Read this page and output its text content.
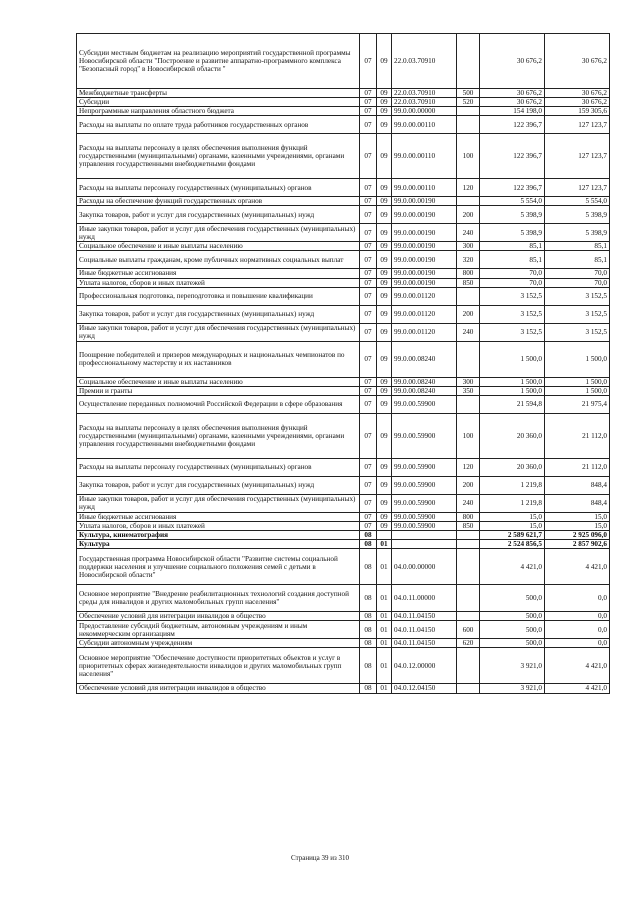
Субсидии местным бюджетам на реализацию мероприятий государственной программы Новосибирской области "Построение и развитие аппаратно-программного комплекса "Безопасный город" в Новосибирской области "	07	09	22.0.03.70910		30 676,2	30 676,2
Межбюджетные трансферты	07	09	22.0.03.70910	500	30 676,2	30 676,2
Субсидии	07	09	22.0.03.70910	520	30 676,2	30 676,2
Непрограммные направления областного бюджета	07	09	99.0.00.00000		154 198,0	159 305,6
Расходы на выплаты по оплате труда работников государственных органов	07	09	99.0.00.00110		122 396,7	127 123,7
Расходы на выплаты персоналу в целях обеспечения выполнения функций государственными (муниципальными) органами, казенными учреждениями, органами управления государственными внебюджетными фондами	07	09	99.0.00.00110	100	122 396,7	127 123,7
Расходы на выплаты персоналу государственных (муниципальных) органов	07	09	99.0.00.00110	120	122 396,7	127 123,7
Расходы на обеспечение функций государственных органов	07	09	99.0.00.00190		5 554,0	5 554,0
Закупка товаров, работ и услуг для государственных (муниципальных) нужд	07	09	99.0.00.00190	200	5 398,9	5 398,9
Иные закупки товаров, работ и услуг для обеспечения государственных (муниципальных) нужд	07	09	99.0.00.00190	240	5 398,9	5 398,9
Социальное обеспечение и иные выплаты населению	07	09	99.0.00.00190	300	85,1	85,1
Социальные выплаты гражданам, кроме публичных нормативных социальных выплат	07	09	99.0.00.00190	320	85,1	85,1
Иные бюджетные ассигнования	07	09	99.0.00.00190	800	70,0	70,0
Уплата налогов, сборов и иных платежей	07	09	99.0.00.00190	850	70,0	70,0
Профессиональная подготовка, переподготовка и повышение квалификации	07	09	99.0.00.01120		3 152,5	3 152,5
Закупка товаров, работ и услуг для государственных (муниципальных) нужд	07	09	99.0.00.01120	200	3 152,5	3 152,5
Иные закупки товаров, работ и услуг для обеспечения государственных (муниципальных) нужд	07	09	99.0.00.01120	240	3 152,5	3 152,5
Поощрение победителей и призеров международных и национальных чемпионатов по профессиональному мастерству и их наставников	07	09	99.0.00.08240		1 500,0	1 500,0
Социальное обеспечение и иные выплаты населению	07	09	99.0.00.08240	300	1 500,0	1 500,0
Премии и гранты	07	09	99.0.00.08240	350	1 500,0	1 500,0
Осуществление переданных полномочий Российской Федерации в сфере образования	07	09	99.0.00.59900		21 594,8	21 975,4
Расходы на выплаты персоналу в целях обеспечения выполнения функций государственными (муниципальными) органами, казенными учреждениями, органами управления государственными внебюджетными фондами	07	09	99.0.00.59900	100	20 360,0	21 112,0
Расходы на выплаты персоналу государственных (муниципальных) органов	07	09	99.0.00.59900	120	20 360,0	21 112,0
Закупка товаров, работ и услуг для государственных (муниципальных) нужд	07	09	99.0.00.59900	200	1 219,8	848,4
Иные закупки товаров, работ и услуг для обеспечения государственных (муниципальных) нужд	07	09	99.0.00.59900	240	1 219,8	848,4
Иные бюджетные ассигнования	07	09	99.0.00.59900	800	15,0	15,0
Уплата налогов, сборов и иных платежей	07	09	99.0.00.59900	850	15,0	15,0
Культура, кинематография	08				2 589 621,7	2 925 096,0
Культура	08	01			2 524 856,5	2 857 902,6
Государственная программа Новосибирской области "Развитие системы социальной поддержки населения и улучшение социального положения семей с детьми в Новосибирской области"	08	01	04.0.00.00000		4 421,0	4 421,0
Основное мероприятие "Внедрение реабилитационных технологий создания доступной среды для инвалидов и других маломобильных групп населения"	08	01	04.0.11.00000		500,0	0,0
Обеспечение условий для интеграции инвалидов в общество	08	01	04.0.11.04150		500,0	0,0
Предоставление субсидий бюджетным, автономным учреждениям и иным некоммерческим организациям	08	01	04.0.11.04150	600	500,0	0,0
Субсидии автономным учреждениям	08	01	04.0.11.04150	620	500,0	0,0
Основное мероприятие "Обеспечение доступности приоритетных объектов и услуг в приоритетных сферах жизнедеятельности инвалидов и других маломобильных групп населения"	08	01	04.0.12.00000		3 921,0	4 421,0
Обеспечение условий для интеграции инвалидов в общество	08	01	04.0.12.04150		3 921,0	4 421,0
Страница 39 из 310
